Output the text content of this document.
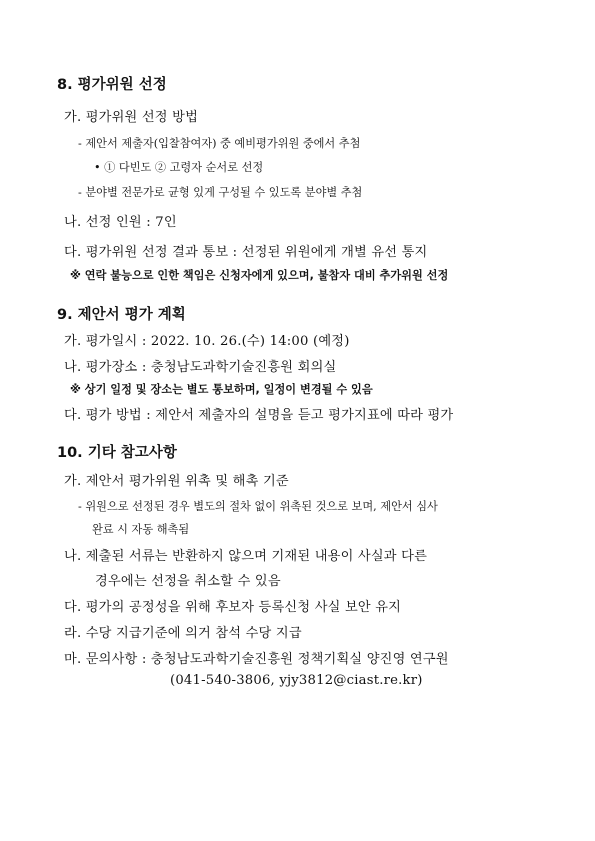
8. 평가위원 선정
가. 평가위원 선정 방법
- 제안서 제출자(입찰참여자) 중 예비평가위원 중에서 추첨
• ① 다빈도 ② 고령자 순서로 선정
- 분야별 전문가로 균형 있게 구성될 수 있도록 분야별 추첨
나. 선정 인원 : 7인
다. 평가위원 선정 결과 통보 : 선정된 위원에게 개별 유선 통지
※ 연락 불능으로 인한 책임은 신청자에게 있으며, 불참자 대비 추가위원 선정
9. 제안서 평가 계획
가. 평가일시 : 2022. 10. 26.(수) 14:00 (예정)
나. 평가장소 : 충청남도과학기술진흥원 회의실
※ 상기 일정 및 장소는 별도 통보하며, 일정이 변경될 수 있음
다. 평가 방법 : 제안서 제출자의 설명을 듣고 평가지표에 따라 평가
10. 기타 참고사항
가. 제안서 평가위원 위촉 및 해촉 기준
- 위원으로 선정된 경우 별도의 절차 없이 위촉된 것으로 보며, 제안서 심사
완료 시 자동 해촉됨
나. 제출된 서류는 반환하지 않으며 기재된 내용이 사실과 다른
경우에는 선정을 취소할 수 있음
다. 평가의 공정성을 위해 후보자 등록신청 사실 보안 유지
라. 수당 지급기준에 의거 참석 수당 지급
마. 문의사항 : 충청남도과학기술진흥원 정책기획실 양진영 연구원
(041-540-3806, yjy3812@ciast.re.kr)
